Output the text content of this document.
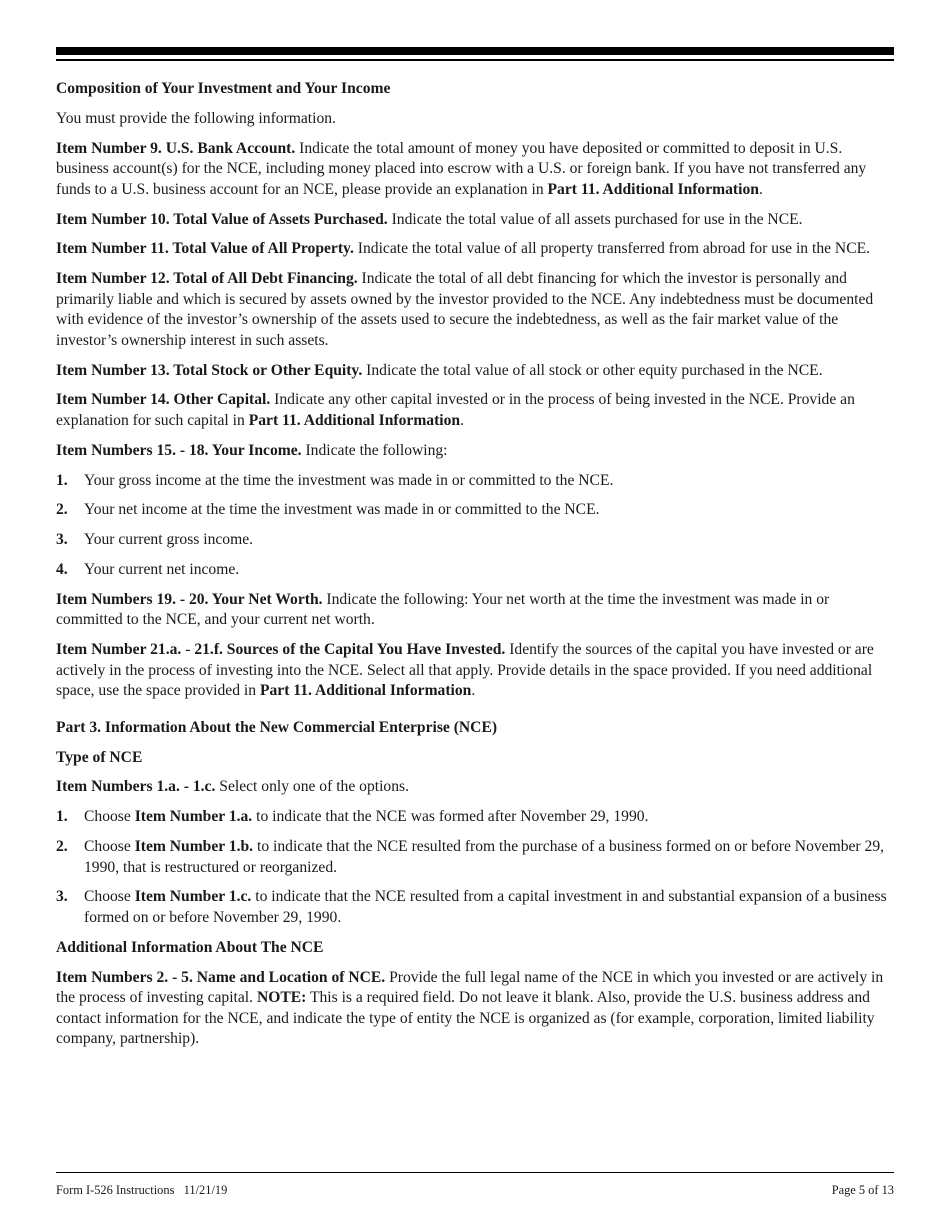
Composition of Your Investment and Your Income

You must provide the following information.

Item Number 9. U.S. Bank Account. Indicate the total amount of money you have deposited or committed to deposit in U.S. business account(s) for the NCE, including money placed into escrow with a U.S. or foreign bank. If you have not transferred any funds to a U.S. business account for an NCE, please provide an explanation in Part 11. Additional Information.

Item Number 10. Total Value of Assets Purchased. Indicate the total value of all assets purchased for use in the NCE.

Item Number 11. Total Value of All Property. Indicate the total value of all property transferred from abroad for use in the NCE.

Item Number 12. Total of All Debt Financing. Indicate the total of all debt financing for which the investor is personally and primarily liable and which is secured by assets owned by the investor provided to the NCE. Any indebtedness must be documented with evidence of the investor’s ownership of the assets used to secure the indebtedness, as well as the fair market value of the investor’s ownership interest in such assets.

Item Number 13. Total Stock or Other Equity. Indicate the total value of all stock or other equity purchased in the NCE.

Item Number 14. Other Capital. Indicate any other capital invested or in the process of being invested in the NCE. Provide an explanation for such capital in Part 11. Additional Information.

Item Numbers 15. - 18. Your Income. Indicate the following:

1.	Your gross income at the time the investment was made in or committed to the NCE.
2.	Your net income at the time the investment was made in or committed to the NCE.
3.	Your current gross income.
4.	Your current net income.

Item Numbers 19. - 20. Your Net Worth. Indicate the following: Your net worth at the time the investment was made in or committed to the NCE, and your current net worth.

Item Number 21.a. - 21.f. Sources of the Capital You Have Invested. Identify the sources of the capital you have invested or are actively in the process of investing into the NCE. Select all that apply. Provide details in the space provided. If you need additional space, use the space provided in Part 11. Additional Information.

Part 3. Information About the New Commercial Enterprise (NCE)

Type of NCE

Item Numbers 1.a. - 1.c. Select only one of the options.

1.	Choose Item Number 1.a. to indicate that the NCE was formed after November 29, 1990.
2.	Choose Item Number 1.b. to indicate that the NCE resulted from the purchase of a business formed on or before November 29, 1990, that is restructured or reorganized.
3.	Choose Item Number 1.c. to indicate that the NCE resulted from a capital investment in and substantial expansion of a business formed on or before November 29, 1990.

Additional Information About The NCE

Item Numbers 2. - 5. Name and Location of NCE. Provide the full legal name of the NCE in which you invested or are actively in the process of investing capital. NOTE: This is a required field. Do not leave it blank. Also, provide the U.S. business address and contact information for the NCE, and indicate the type of entity the NCE is organized as (for example, corporation, limited liability company, partnership).

Form I-526 Instructions   11/21/19	Page 5 of 13
